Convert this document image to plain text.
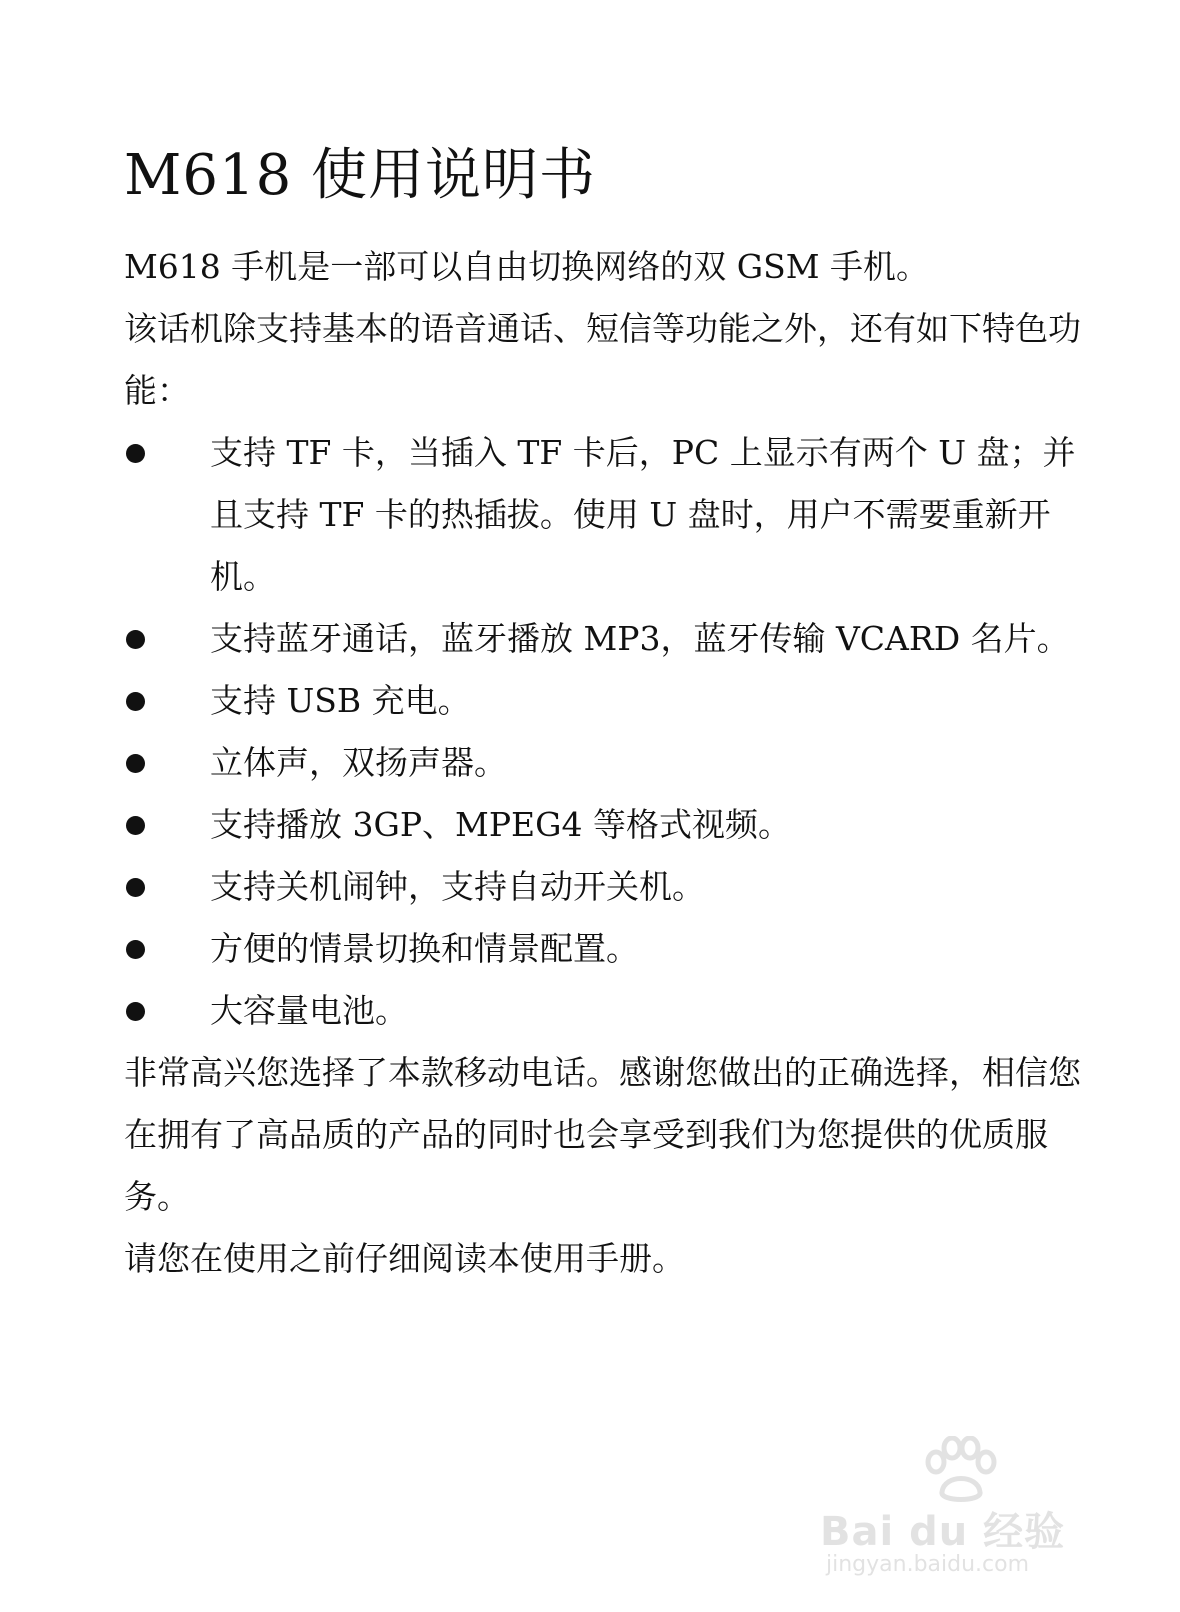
M618 使用说明书

M618 手机是一部可以自由切换网络的双 GSM 手机。

该话机除支持基本的语音通话、短信等功能之外，还有如下特色功能：

支持 TF 卡，当插入 TF 卡后，PC 上显示有两个 U 盘；并且支持 TF 卡的热插拔。使用 U 盘时，用户不需要重新开机。
支持蓝牙通话，蓝牙播放 MP3，蓝牙传输 VCARD 名片。
支持 USB 充电。
立体声，双扬声器。
支持播放 3GP、MPEG4 等格式视频。
支持关机闹钟，支持自动开关机。
方便的情景切换和情景配置。
大容量电池。

非常高兴您选择了本款移动电话。感谢您做出的正确选择，相信您在拥有了高品质的产品的同时也会享受到我们为您提供的优质服务。

请您在使用之前仔细阅读本使用手册。

Bai du 经验
jingyan.baidu.com
